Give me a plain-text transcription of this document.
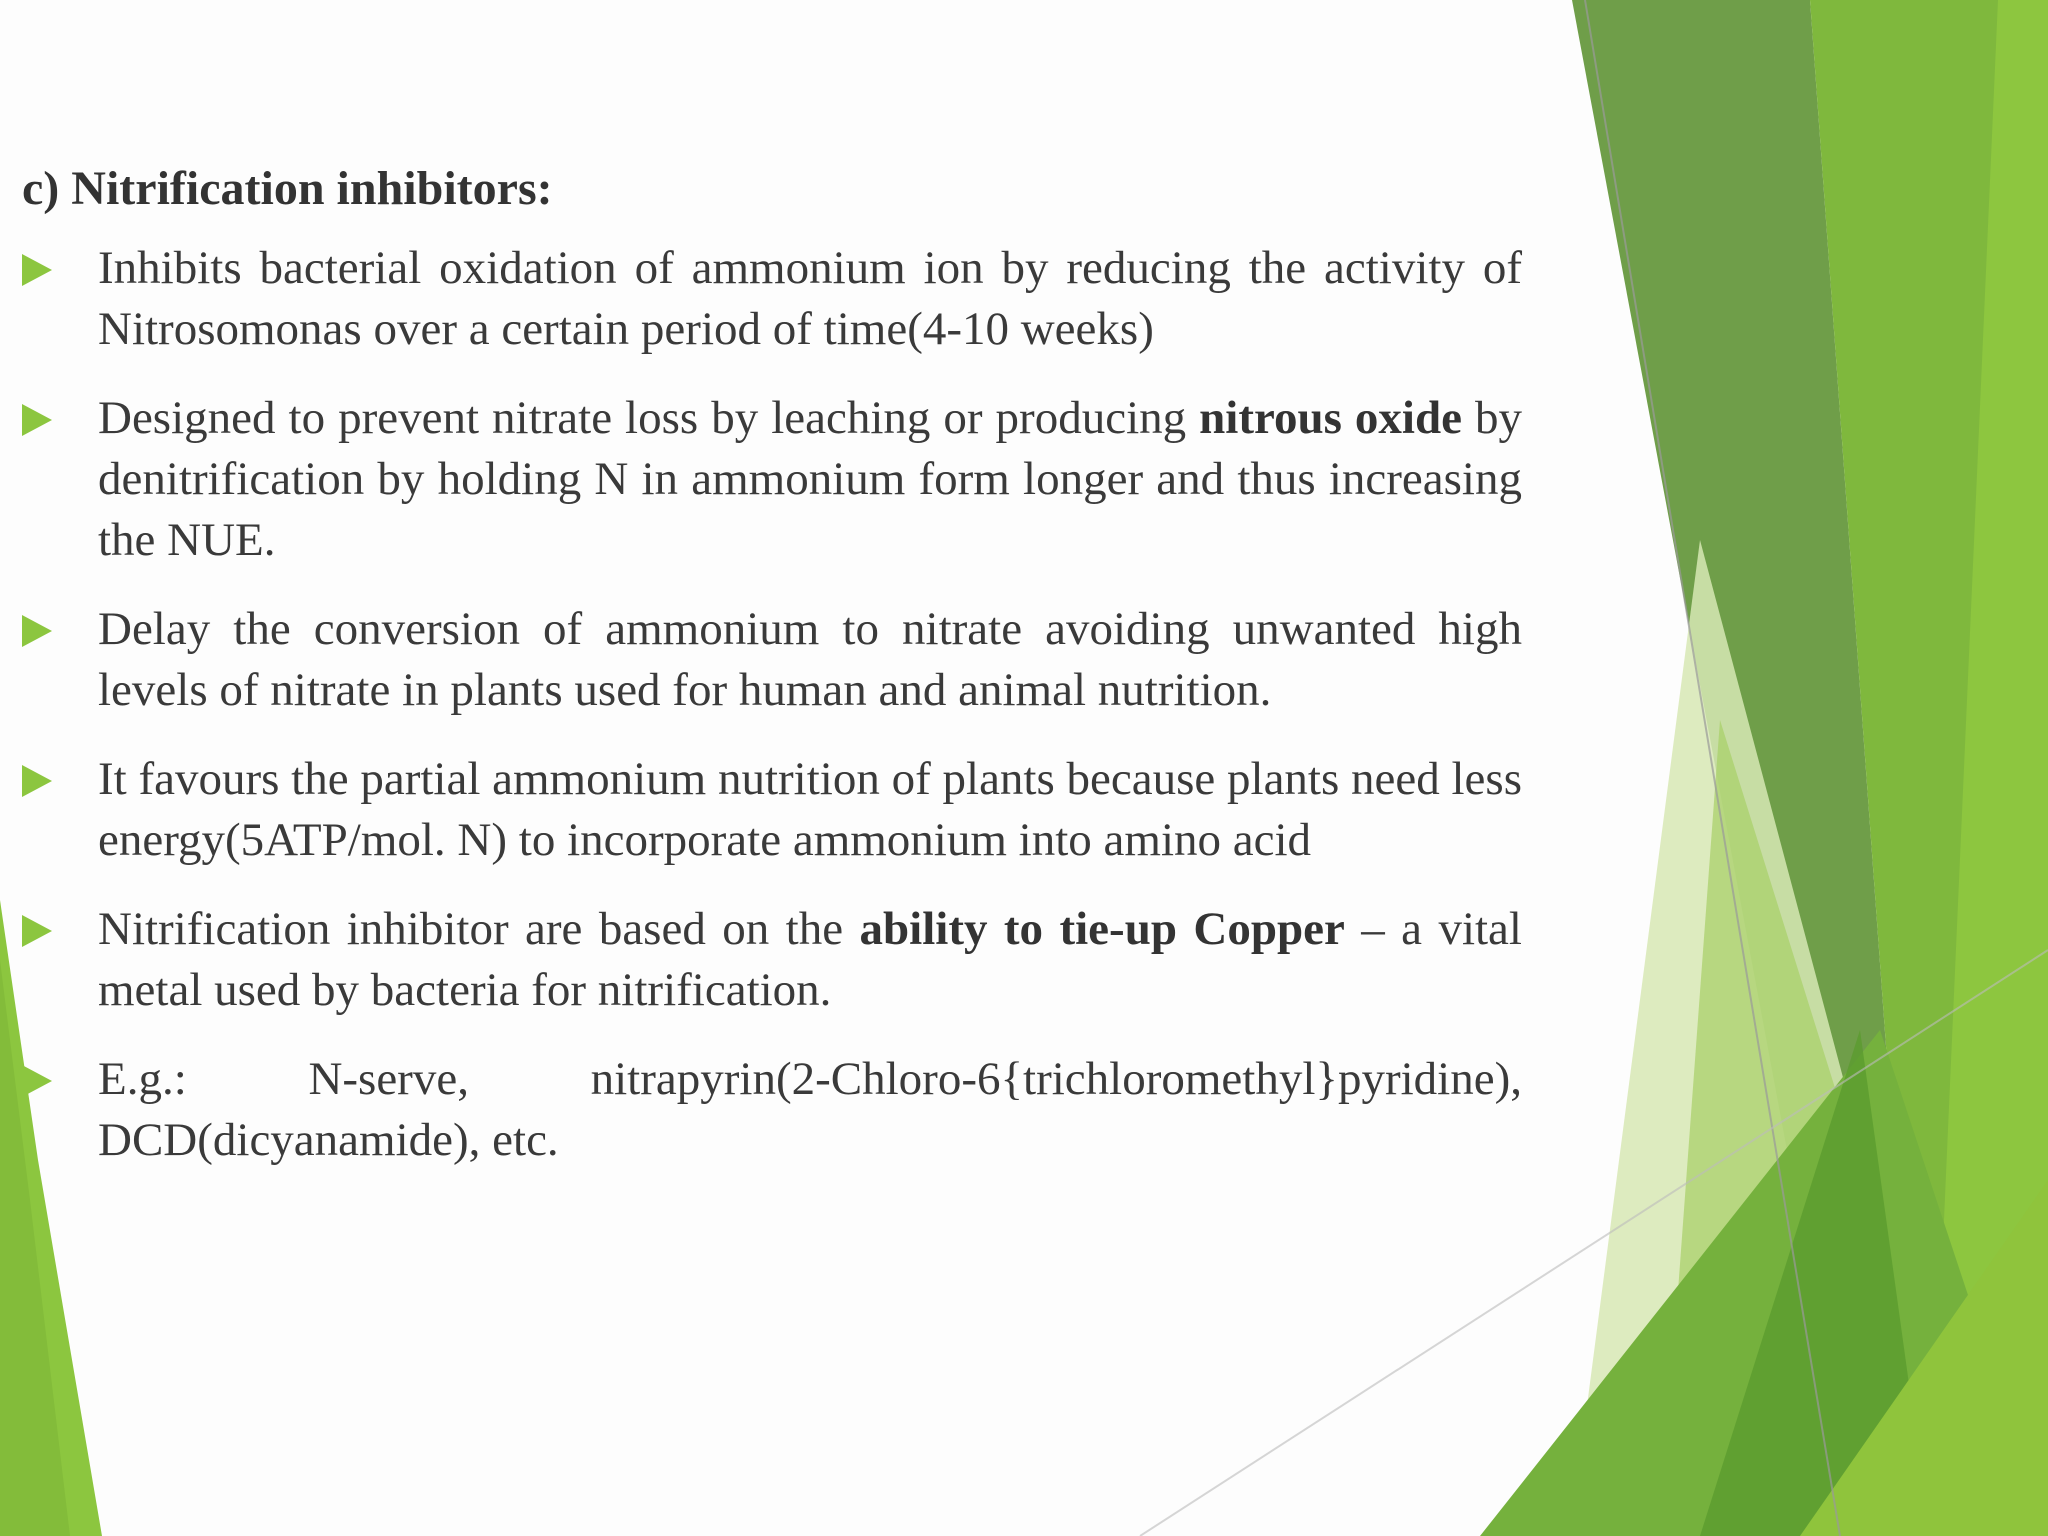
c) Nitrification inhibitors:
Inhibits bacterial oxidation of ammonium ion by reducing the activity of Nitrosomonas over a certain period of time(4-10 weeks)
Designed to prevent nitrate loss by leaching or producing nitrous oxide by denitrification by holding N in ammonium form longer and thus increasing the NUE.
Delay the conversion of ammonium to nitrate avoiding unwanted high levels of nitrate in plants used for human and animal nutrition.
It favours the partial ammonium nutrition of plants because plants need less energy(5ATP/mol. N) to incorporate ammonium into amino acid
Nitrification inhibitor are based on the ability to tie-up Copper – a vital metal used by bacteria for nitrification.
E.g.: N-serve, nitrapyrin(2-Chloro-6{trichloromethyl}pyridine), DCD(dicyanamide), etc.
